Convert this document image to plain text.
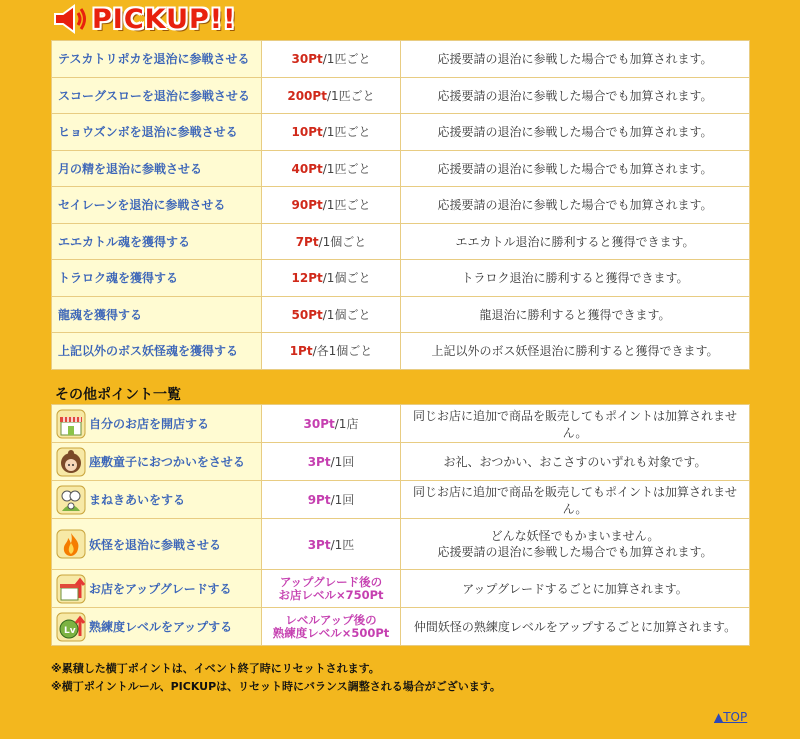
PICKUP!!
テスカトリポカを退治に参戦させる	30Pt/1匹ごと	応援要請の退治に参戦した場合でも加算されます。
スコーグスローを退治に参戦させる	200Pt/1匹ごと	応援要請の退治に参戦した場合でも加算されます。
ヒョウズンボを退治に参戦させる	10Pt/1匹ごと	応援要請の退治に参戦した場合でも加算されます。
月の精を退治に参戦させる	40Pt/1匹ごと	応援要請の退治に参戦した場合でも加算されます。
セイレーンを退治に参戦させる	90Pt/1匹ごと	応援要請の退治に参戦した場合でも加算されます。
エエカトル魂を獲得する	7Pt/1個ごと	エエカトル退治に勝利すると獲得できます。
トラロク魂を獲得する	12Pt/1個ごと	トラロク退治に勝利すると獲得できます。
龍魂を獲得する	50Pt/1個ごと	龍退治に勝利すると獲得できます。
上記以外のボス妖怪魂を獲得する	1Pt/各1個ごと	上記以外のボス妖怪退治に勝利すると獲得できます。
その他ポイント一覧
自分のお店を開店する	30Pt/1店	同じお店に追加で商品を販売してもポイントは加算されません。

座敷童子におつかいをさせる	3Pt/1回	お礼、おつかい、おこさすのいずれも対象です。

まねきあいをする	9Pt/1回	同じお店に追加で商品を販売してもポイントは加算されません。

妖怪を退治に参戦させる	3Pt/1匹	どんな妖怪でもかまいません。
応援要請の退治に参戦した場合でも加算されます。

お店をアップグレードする	アップグレード後の
お店レベル×750Pt	アップグレードするごとに加算されます。

Lv 熟練度レベルをアップする	レベルアップ後の
熟練度レベル×500Pt	仲間妖怪の熟練度レベルをアップするごとに加算されます。
※累積した横丁ポイントは、イベント終了時にリセットされます。
※横丁ポイントルール、PICKUPは、リセット時にバランス調整される場合がございます。
▲TOP
